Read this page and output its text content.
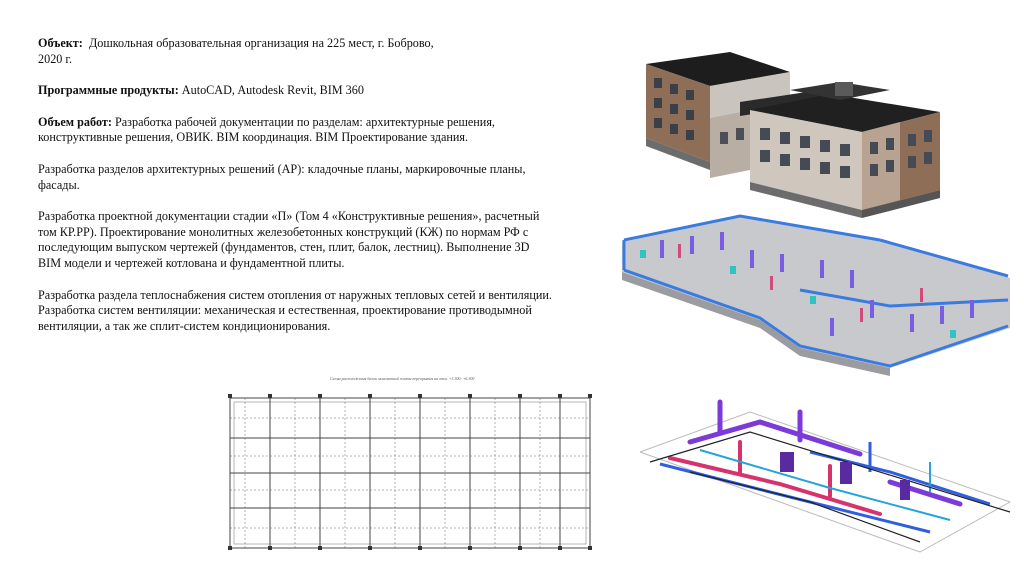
Объект: Дошкольная образовательная организация на 225 мест, г. Боброво,

2020 г.

Программные продукты: AutoCAD, Autodesk Revit, BIM 360

Объем работ: Разработка рабочей документации по разделам: архитектурные решения,

конструктивные решения, ОВИК. BIM координация. BIM Проектирование здания.

Разработка разделов архитектурных решений (АР): кладочные планы, маркировочные планы,

фасады.

Разработка проектной документации стадии «П» (Том 4 «Конструктивные решения», расчетный

том КР.РР). Проектирование монолитных железобетонных конструкций (КЖ) по нормам РФ с

последующим выпуском чертежей (фундаментов, стен, плит, балок, лестниц). Выполнение 3D

BIM модели и чертежей котлована и фундаментной плиты.

Разработка раздела теплоснабжения систем отопления от наружных тепловых сетей и вентиляции.

Разработка систем вентиляции: механическая и естественная, проектирование противодымной

вентиляции, а так же сплит-систем кондиционирования.

Схема расположения балок монолитной плиты перекрытия на отм. +3.300; +6.300
